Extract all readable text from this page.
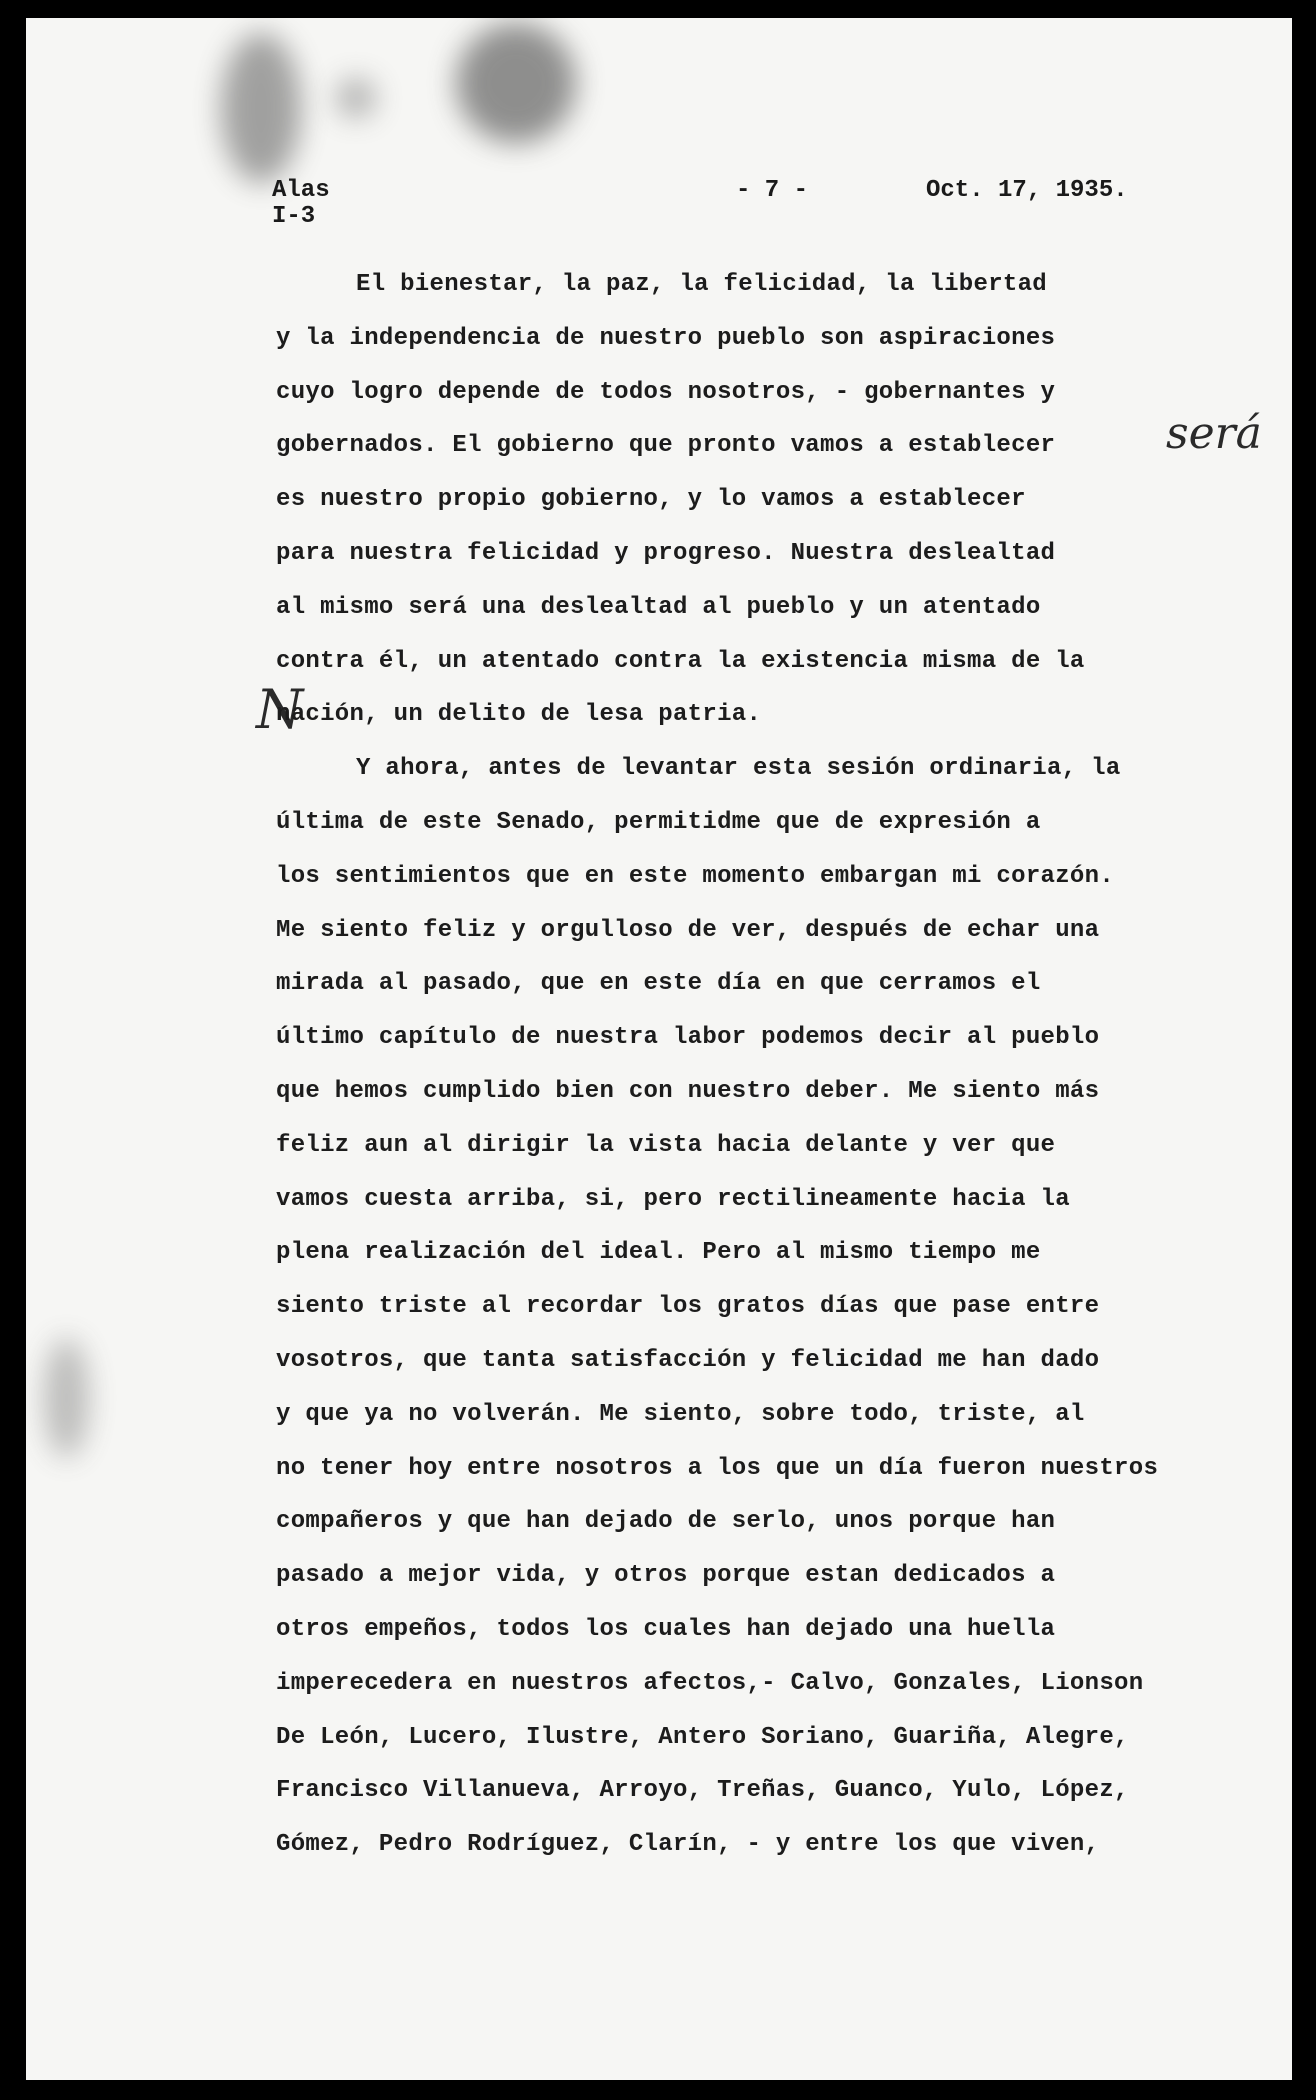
Alas
I-3
- 7 -	Oct. 17, 1935.
será
N
El bienestar, la paz, la felicidad, la libertad
y la independencia de nuestro pueblo son aspiraciones
cuyo logro depende de todos nosotros, - gobernantes y
gobernados. El gobierno que pronto vamos a establecer
es nuestro propio gobierno, y lo vamos a establecer
para nuestra felicidad y progreso. Nuestra deslealtad
al mismo será una deslealtad al pueblo y un atentado
contra él, un atentado contra la existencia misma de la
nación, un delito de lesa patria.
Y ahora, antes de levantar esta sesión ordinaria, la
última de este Senado, permitidme que de expresión a
los sentimientos que en este momento embargan mi corazón.
Me siento feliz y orgulloso de ver, después de echar una
mirada al pasado, que en este día en que cerramos el
último capítulo de nuestra labor podemos decir al pueblo
que hemos cumplido bien con nuestro deber. Me siento más
feliz aun al dirigir la vista hacia delante y ver que
vamos cuesta arriba, si, pero rectilineamente hacia la
plena realización del ideal. Pero al mismo tiempo me
siento triste al recordar los gratos días que pase entre
vosotros, que tanta satisfacción y felicidad me han dado
y que ya no volverán. Me siento, sobre todo, triste, al
no tener hoy entre nosotros a los que un día fueron nuestros
compañeros y que han dejado de serlo, unos porque han
pasado a mejor vida, y otros porque estan dedicados a
otros empeños, todos los cuales han dejado una huella
imperecedera en nuestros afectos,- Calvo, Gonzales, Lionson
De León, Lucero, Ilustre, Antero Soriano, Guariña, Alegre,
Francisco Villanueva, Arroyo, Treñas, Guanco, Yulo, López,
Gómez, Pedro Rodríguez, Clarín, - y entre los que viven,
